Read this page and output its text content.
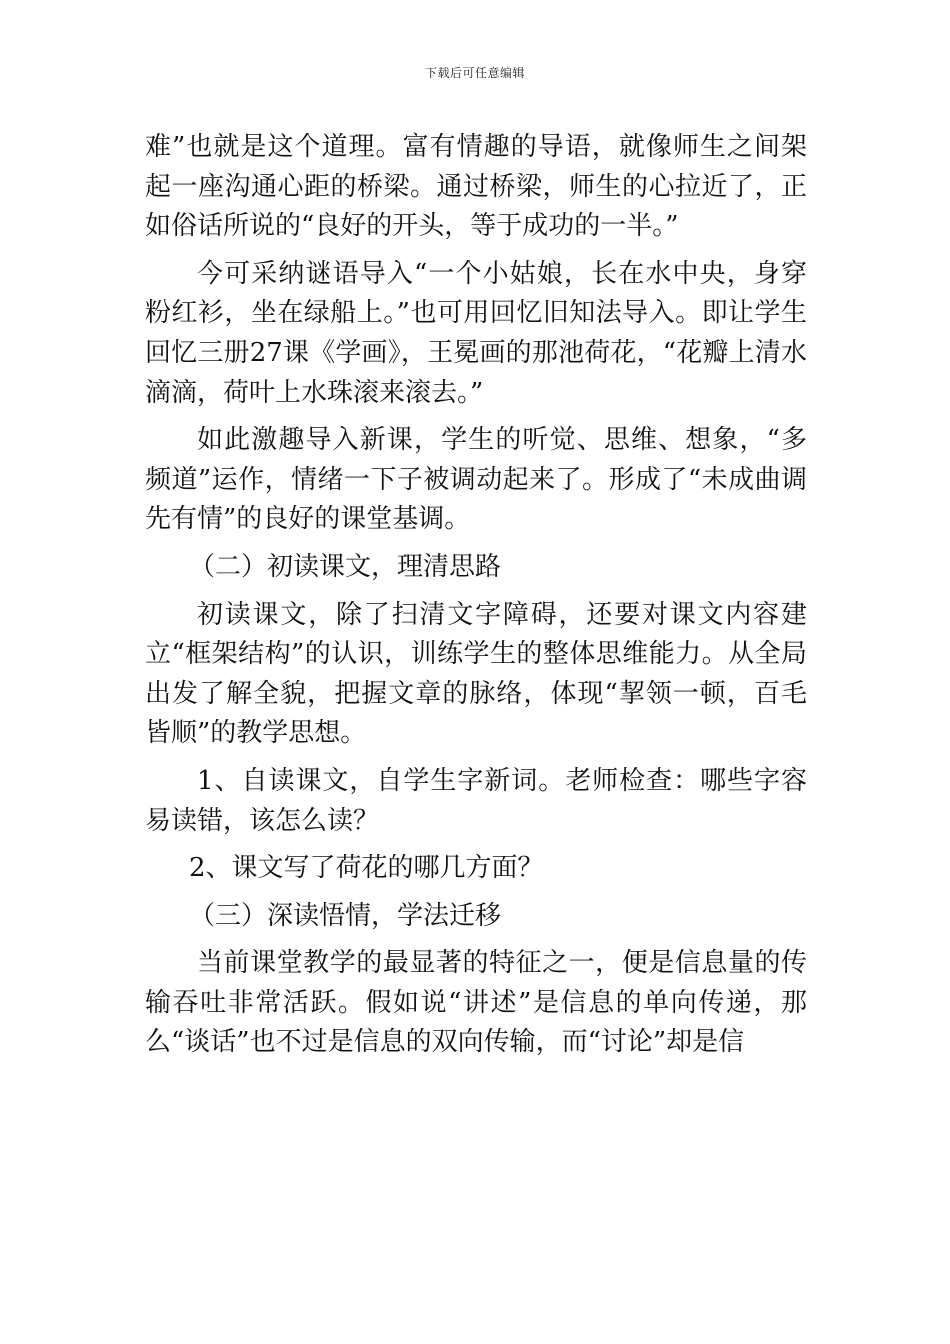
下载后可任意编辑

难”也就是这个道理。富有情趣的导语，就像师生之间架起一座沟通心距的桥梁。通过桥梁，师生的心拉近了，正如俗话所说的“良好的开头，等于成功的一半。”

今可采纳谜语导入“一个小姑娘，长在水中央，身穿粉红衫，坐在绿船上。”也可用回忆旧知法导入。即让学生回忆三册27课《学画》，王冕画的那池荷花，“花瓣上清水滴滴，荷叶上水珠滚来滚去。”

如此激趣导入新课，学生的听觉、思维、想象，“多频道”运作，情绪一下子被调动起来了。形成了“未成曲调先有情”的良好的课堂基调。

（二）初读课文，理清思路

初读课文，除了扫清文字障碍，还要对课文内容建立“框架结构”的认识，训练学生的整体思维能力。从全局出发了解全貌，把握文章的脉络，体现“挈领一顿，百毛皆顺”的教学思想。

1、自读课文，自学生字新词。老师检查：哪些字容易读错，该怎么读？

2、课文写了荷花的哪几方面？

（三）深读悟情，学法迁移

当前课堂教学的最显著的特征之一，便是信息量的传输吞吐非常活跃。假如说“讲述”是信息的单向传递，那么“谈话”也不过是信息的双向传输，而“讨论”却是信
